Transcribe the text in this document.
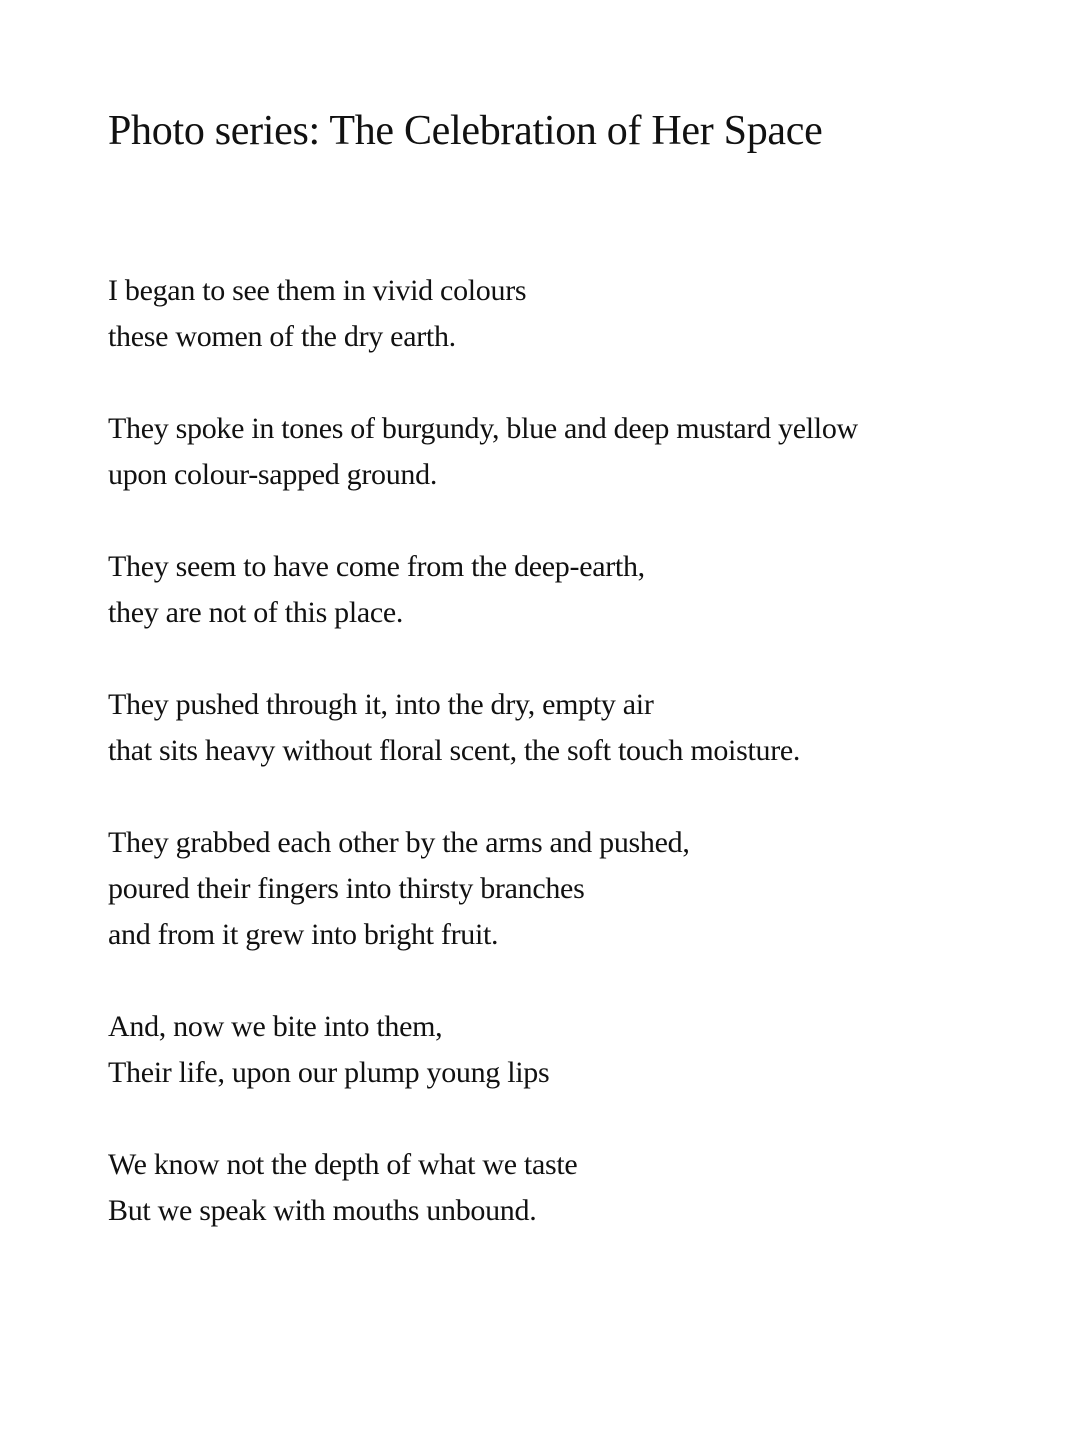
Photo series: The Celebration of Her Space

I began to see them in vivid colours
these women of the dry earth.

They spoke in tones of burgundy, blue and deep mustard yellow
upon colour-sapped ground.

They seem to have come from the deep-earth,
they are not of this place.

They pushed through it, into the dry, empty air
that sits heavy without floral scent, the soft touch moisture.

They grabbed each other by the arms and pushed,
poured their fingers into thirsty branches
and from it grew into bright fruit.

And, now we bite into them,
Their life, upon our plump young lips

We know not the depth of what we taste
But we speak with mouths unbound.
